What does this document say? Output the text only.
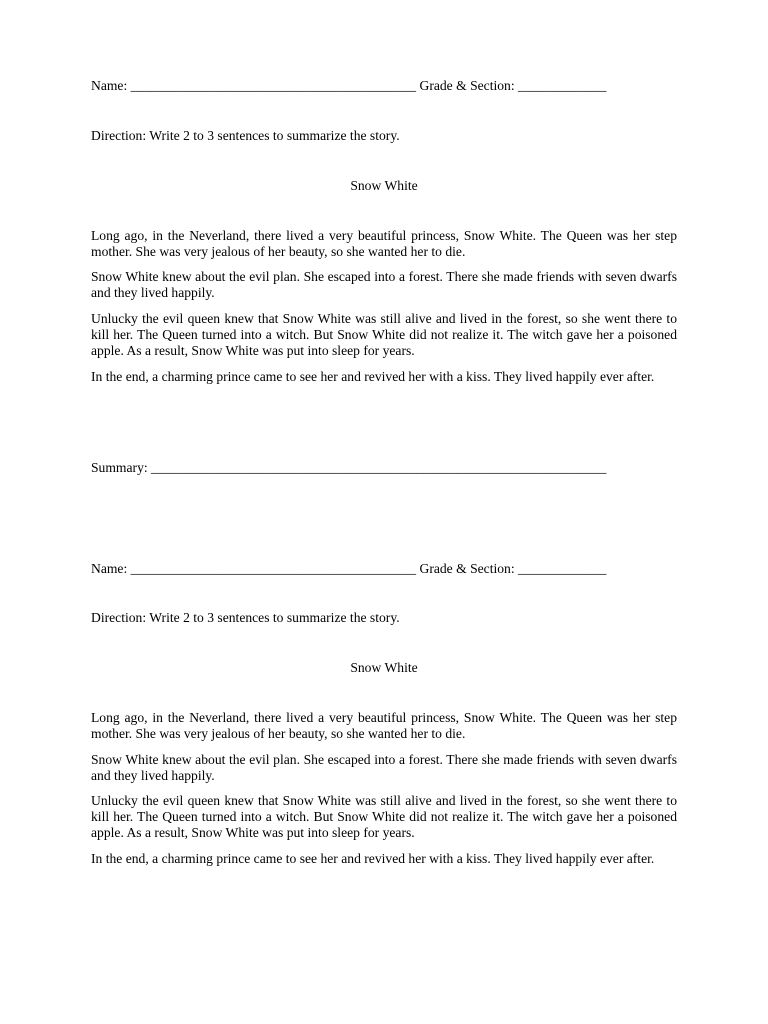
Name: __________________________________________ Grade & Section: _____________

Direction: Write 2 to 3 sentences to summarize the story.

Snow White

Long ago, in the Neverland, there lived a very beautiful princess, Snow White. The Queen was her step mother. She was very jealous of her beauty, so she wanted her to die.

Snow White knew about the evil plan. She escaped into a forest. There she made friends with seven dwarfs and they lived happily.

Unlucky the evil queen knew that Snow White was still alive and lived in the forest, so she went there to kill her. The Queen turned into a witch. But Snow White did not realize it. The witch gave her a poisoned apple. As a result, Snow White was put into sleep for years.

In the end, a charming prince came to see her and revived her with a kiss. They lived happily ever after.

Summary: ___________________________________________________________________

Name: __________________________________________ Grade & Section: _____________

Direction: Write 2 to 3 sentences to summarize the story.

Snow White

Long ago, in the Neverland, there lived a very beautiful princess, Snow White. The Queen was her step mother. She was very jealous of her beauty, so she wanted her to die.

Snow White knew about the evil plan. She escaped into a forest. There she made friends with seven dwarfs and they lived happily.

Unlucky the evil queen knew that Snow White was still alive and lived in the forest, so she went there to kill her. The Queen turned into a witch. But Snow White did not realize it. The witch gave her a poisoned apple. As a result, Snow White was put into sleep for years.

In the end, a charming prince came to see her and revived her with a kiss. They lived happily ever after.
